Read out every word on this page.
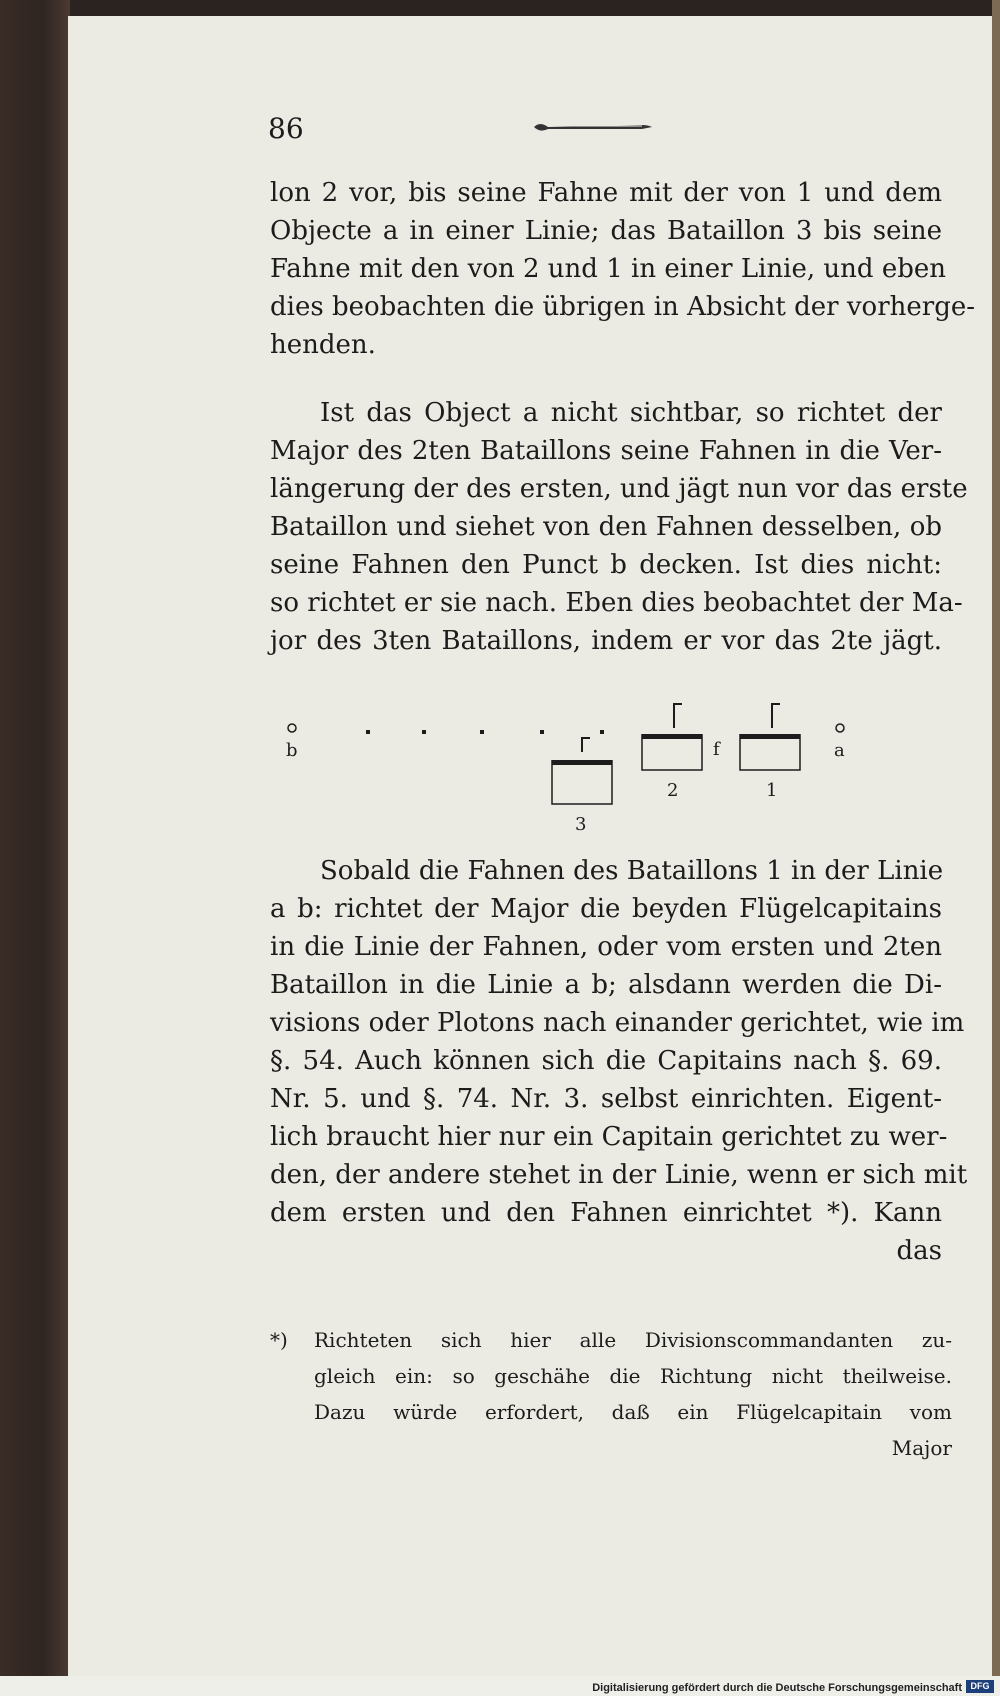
86
lon 2 vor, bis seine Fahne mit der von 1 und dem
Objecte a in einer Linie; das Bataillon 3 bis seine
Fahne mit den von 2 und 1 in einer Linie, und eben
dies beobachten die übrigen in Absicht der vorherge-
henden.
Ist das Object a nicht sichtbar, so richtet der
Major des 2ten Bataillons seine Fahnen in die Ver-
längerung der des ersten, und jägt nun vor das erste
Bataillon und siehet von den Fahnen desselben, ob
seine Fahnen den Punct b decken. Ist dies nicht:
so richtet er sie nach. Eben dies beobachtet der Ma-
jor des 3ten Bataillons, indem er vor das 2te jägt.
b
3
2
f
1
a
Sobald die Fahnen des Bataillons 1 in der Linie
a b: richtet der Major die beyden Flügelcapitains
in die Linie der Fahnen, oder vom ersten und 2ten
Bataillon in die Linie a b; alsdann werden die Di-
visions oder Plotons nach einander gerichtet, wie im
§. 54. Auch können sich die Capitains nach §. 69.
Nr. 5. und §. 74. Nr. 3. selbst einrichten. Eigent-
lich braucht hier nur ein Capitain gerichtet zu wer-
den, der andere stehet in der Linie, wenn er sich mit
dem ersten und den Fahnen einrichtet *). Kann
das
*) Richteten sich hier alle Divisionscommandanten zu-
gleich ein: so geschähe die Richtung nicht theilweise.
Dazu würde erfordert, daß ein Flügelcapitain vom
Major
Digitalisierung gefördert durch die Deutsche Forschungsgemeinschaft DFG
